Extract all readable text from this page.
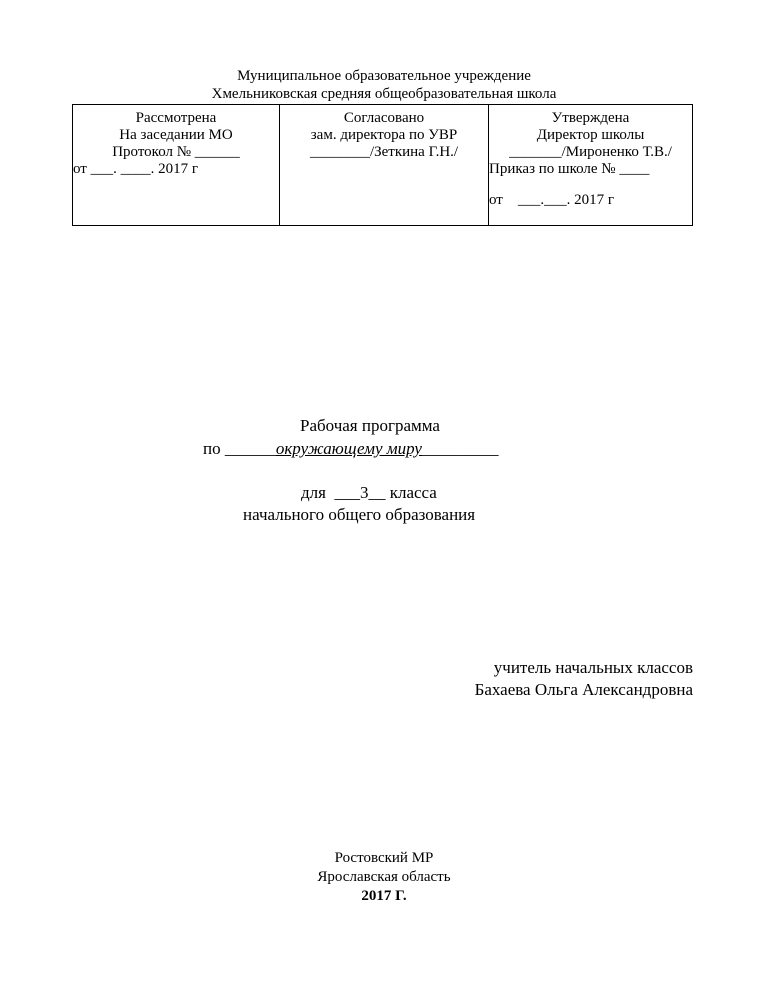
Муниципальное образовательное учреждение
Хмельниковская средняя общеобразовательная школа
Рассмотрена
На заседании МО
Протокол № ______
от ___. ____. 2017 г
Согласовано
зам. директора по УВР
________/Зеткина Г.Н./
Утверждена
Директор школы
_______/Мироненко Т.В./
Приказ по школе № ____
от    ___.___. 2017 г
Рабочая программа
по ______окружающему миру_________
для  ___3__ класса
начального общего образования
учитель начальных классов
Бахаева Ольга Александровна
Ростовский МР
Ярославская область
2017 Г.
